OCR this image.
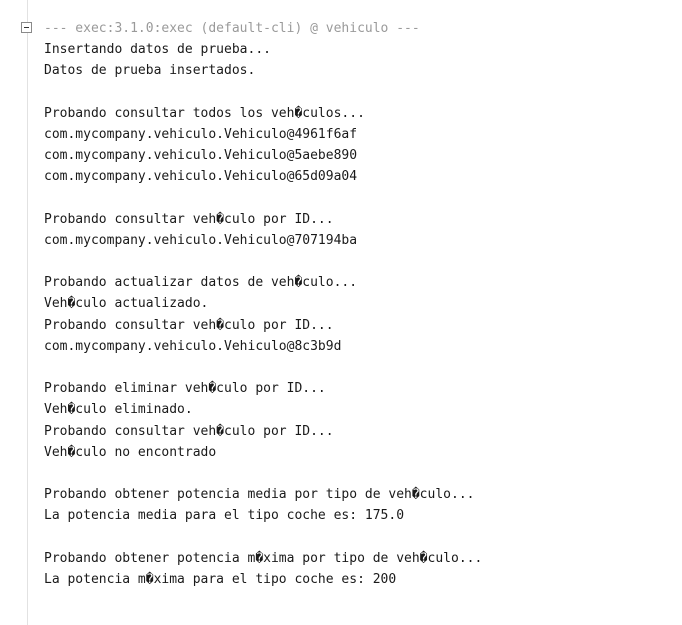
--- exec:3.1.0:exec (default-cli) @ vehiculo ---
Insertando datos de prueba...
Datos de prueba insertados.
Probando consultar todos los veh�culos...
com.mycompany.vehiculo.Vehiculo@4961f6af
com.mycompany.vehiculo.Vehiculo@5aebe890
com.mycompany.vehiculo.Vehiculo@65d09a04
Probando consultar veh�culo por ID...
com.mycompany.vehiculo.Vehiculo@707194ba
Probando actualizar datos de veh�culo...
Veh�culo actualizado.
Probando consultar veh�culo por ID...
com.mycompany.vehiculo.Vehiculo@8c3b9d
Probando eliminar veh�culo por ID...
Veh�culo eliminado.
Probando consultar veh�culo por ID...
Veh�culo no encontrado
Probando obtener potencia media por tipo de veh�culo...
La potencia media para el tipo coche es: 175.0
Probando obtener potencia m�xima por tipo de veh�culo...
La potencia m�xima para el tipo coche es: 200
